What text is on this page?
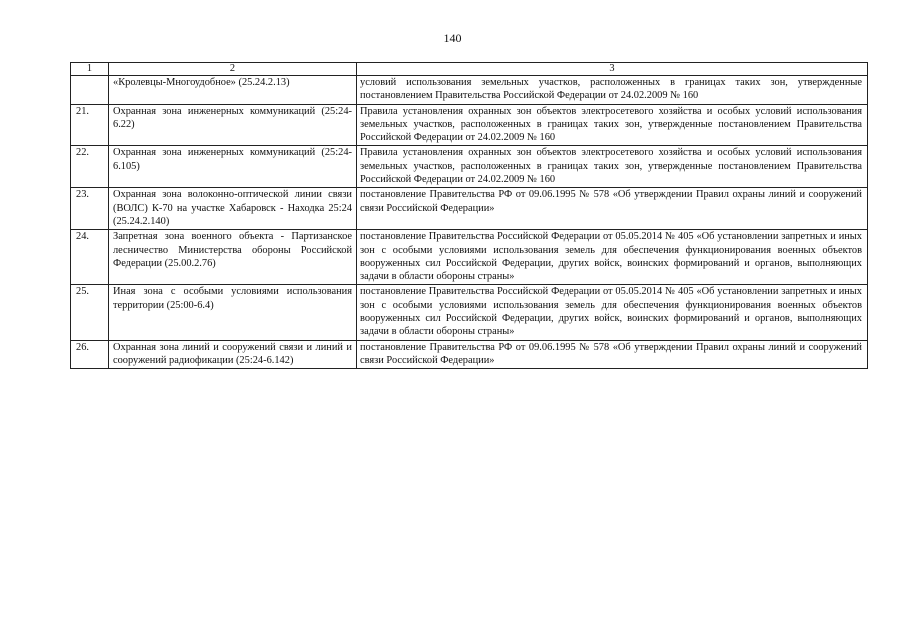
140
1	2	3
	«Кролевцы-Многоудобное» (25.24.2.13)	условий использования земельных участков, расположенных в границах таких зон, утвержденные постановлением Правительства Российской Федерации от 24.02.2009 № 160
21.	Охранная зона инженерных коммуникаций (25:24-6.22)	Правила установления охранных зон объектов электросетевого хозяйства и особых условий использования земельных участков, расположенных в границах таких зон, утвержденные постановлением Правительства Российской Федерации от 24.02.2009 № 160
22.	Охранная зона инженерных коммуникаций (25:24-6.105)	Правила установления охранных зон объектов электросетевого хозяйства и особых условий использования земельных участков, расположенных в границах таких зон, утвержденные постановлением Правительства Российской Федерации от 24.02.2009 № 160
23.	Охранная зона волоконно-оптической линии связи (ВОЛС) К-70 на участке Хабаровск - Находка 25:24 (25.24.2.140)	постановление Правительства РФ от 09.06.1995 № 578 «Об утверждении Правил охраны линий и сооружений связи Российской Федерации»
24.	Запретная зона военного объекта - Партизанское лесничество Министерства обороны Российской Федерации (25.00.2.76)	постановление Правительства Российской Федерации от 05.05.2014 № 405 «Об установлении запретных и иных зон с особыми условиями использования земель для обеспечения функционирования военных объектов вооруженных сил Российской Федерации, других войск, воинских формирований и органов, выполняющих задачи в области обороны страны»
25.	Иная зона с особыми условиями использования территории (25:00-6.4)	постановление Правительства Российской Федерации от 05.05.2014 № 405 «Об установлении запретных и иных зон с особыми условиями использования земель для обеспечения функционирования военных объектов вооруженных сил Российской Федерации, других войск, воинских формирований и органов, выполняющих задачи в области обороны страны»
26.	Охранная зона линий и сооружений связи и линий и сооружений радиофикации (25:24-6.142)	постановление Правительства РФ от 09.06.1995 № 578 «Об утверждении Правил охраны линий и сооружений связи Российской Федерации»
